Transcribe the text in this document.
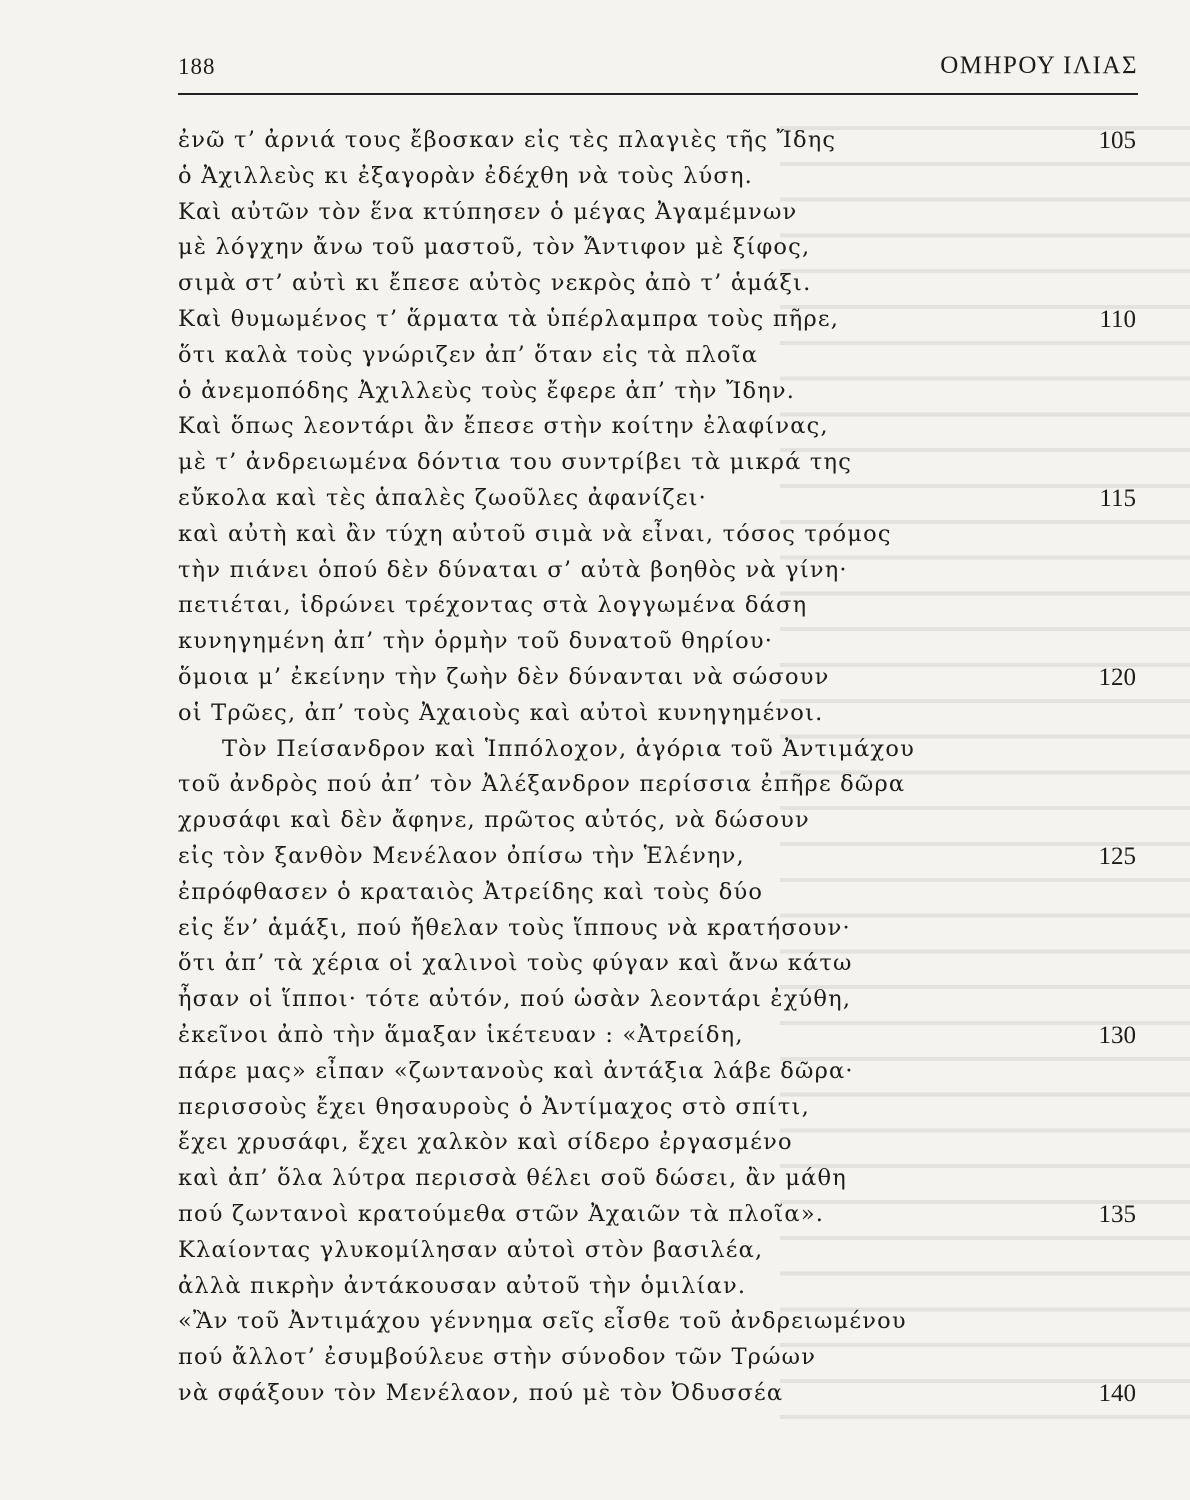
188	ΟΜΗΡΟΥ ΙΛΙΑΣ
ἐνῶ τ’ ἀρνιά τους ἔβοσκαν εἰς τὲς πλαγιὲς τῆς Ἴδης	105
ὁ Ἀχιλλεὺς κι ἐξαγορὰν ἐδέχθη νὰ τοὺς λύση.
Καὶ αὐτῶν τὸν ἕνα κτύπησεν ὁ μέγας Ἀγαμέμνων
μὲ λόγχην ἄνω τοῦ μαστοῦ, τὸν Ἄντιφον μὲ ξίφος,
σιμὰ στ’ αὐτὶ κι ἔπεσε αὐτὸς νεκρὸς ἀπὸ τ’ ἁμάξι.
Καὶ θυμωμένος τ’ ἅρματα τὰ ὑπέρλαμπρα τοὺς πῆρε,	110
ὅτι καλὰ τοὺς γνώριζεν ἀπ’ ὅταν εἰς τὰ πλοῖα
ὁ ἀνεμοπόδης Ἀχιλλεὺς τοὺς ἔφερε ἀπ’ τὴν Ἴδην.
Καὶ ὅπως λεοντάρι ἂν ἔπεσε στὴν κοίτην ἐλαφίνας,
μὲ τ’ ἀνδρειωμένα δόντια του συντρίβει τὰ μικρά της
εὔκολα καὶ τὲς ἁπαλὲς ζωοῦλες ἀφανίζει·	115
καὶ αὐτὴ καὶ ἂν τύχη αὐτοῦ σιμὰ νὰ εἶναι, τόσος τρόμος
τὴν πιάνει ὁπού δὲν δύναται σ’ αὐτὰ βοηθὸς νὰ γίνη·
πετιέται, ἱδρώνει τρέχοντας στὰ λογγωμένα δάση
κυνηγημένη ἀπ’ τὴν ὁρμὴν τοῦ δυνατοῦ θηρίου·
ὅμοια μ’ ἐκείνην τὴν ζωὴν δὲν δύνανται νὰ σώσουν	120
οἱ Τρῶες, ἀπ’ τοὺς Ἀχαιοὺς καὶ αὐτοὶ κυνηγημένοι.
Τὸν Πείσανδρον καὶ Ἱππόλοχον, ἀγόρια τοῦ Ἀντιμάχου
τοῦ ἀνδρὸς πού ἀπ’ τὸν Ἀλέξανδρον περίσσια ἐπῆρε δῶρα
χρυσάφι καὶ δὲν ἄφηνε, πρῶτος αὐτός, νὰ δώσουν
εἰς τὸν ξανθὸν Μενέλαον ὀπίσω τὴν Ἑλένην,	125
ἐπρόφθασεν ὁ κραταιὸς Ἀτρείδης καὶ τοὺς δύο
εἰς ἕν’ ἁμάξι, πού ἤθελαν τοὺς ἵππους νὰ κρατήσουν·
ὅτι ἀπ’ τὰ χέρια οἱ χαλινοὶ τοὺς φύγαν καὶ ἄνω κάτω
ἦσαν οἱ ἵπποι· τότε αὐτόν, πού ὡσὰν λεοντάρι ἐχύθη,
ἐκεῖνοι ἀπὸ τὴν ἅμαξαν ἱκέτευαν : «Ἀτρείδη,	130
πάρε μας» εἶπαν «ζωντανοὺς καὶ ἀντάξια λάβε δῶρα·
περισσοὺς ἔχει θησαυροὺς ὁ Ἀντίμαχος στὸ σπίτι,
ἔχει χρυσάφι, ἔχει χαλκὸν καὶ σίδερο ἐργασμένο
καὶ ἀπ’ ὅλα λύτρα περισσὰ θέλει σοῦ δώσει, ἂν μάθη
πού ζωντανοὶ κρατούμεθα στῶν Ἀχαιῶν τὰ πλοῖα».	135
Κλαίοντας γλυκομίλησαν αὐτοὶ στὸν βασιλέα,
ἀλλὰ πικρὴν ἀντάκουσαν αὐτοῦ τὴν ὁμιλίαν.
«Ἂν τοῦ Ἀντιμάχου γέννημα σεῖς εἶσθε τοῦ ἀνδρειωμένου
πού ἄλλοτ’ ἐσυμβούλευε στὴν σύνοδον τῶν Τρώων
νὰ σφάξουν τὸν Μενέλαον, πού μὲ τὸν Ὀδυσσέα	140
